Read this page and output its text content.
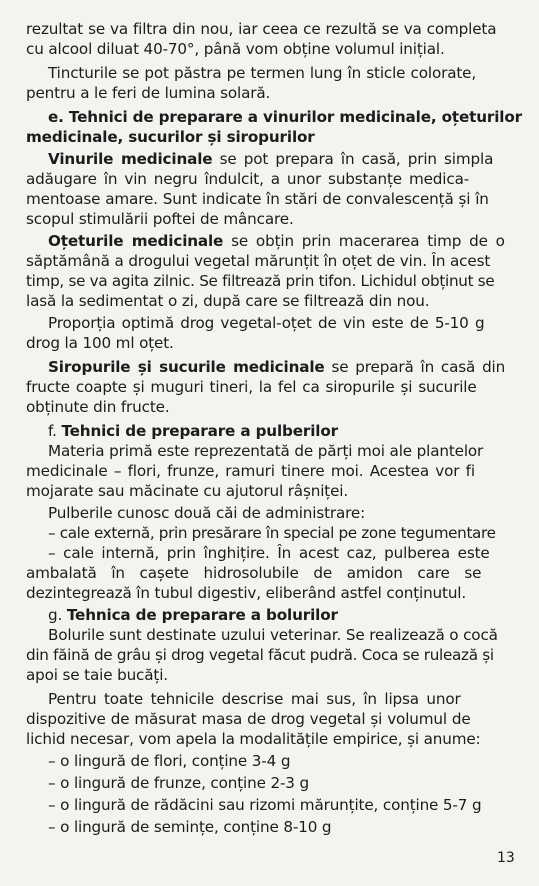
rezultat se va filtra din nou, iar ceea ce rezultă se va completa
cu alcool diluat 40-70°, până vom obține volumul inițial.
Tincturile se pot păstra pe termen lung în sticle colorate,
pentru a le feri de lumina solară.
e. Tehnici de preparare a vinurilor medicinale, oțeturilor
medicinale, sucurilor și siropurilor
Vinurile medicinale se pot prepara în casă, prin simpla
adăugare în vin negru îndulcit, a unor substanțe medica-
mentoase amare. Sunt indicate în stări de convalescență și în
scopul stimulării poftei de mâncare.
Oțeturile medicinale se obțin prin macerarea timp de o
săptămână a drogului vegetal mărunțit în oțet de vin. În acest
timp, se va agita zilnic. Se filtrează prin tifon. Lichidul obținut se
lasă la sedimentat o zi, după care se filtrează din nou.
Proporția optimă drog vegetal-oțet de vin este de 5-10 g
drog la 100 ml oțet.
Siropurile și sucurile medicinale se prepară în casă din
fructe coapte și muguri tineri, la fel ca siropurile și sucurile
obținute din fructe.
f. Tehnici de preparare a pulberilor
Materia primă este reprezentată de părți moi ale plantelor
medicinale – flori, frunze, ramuri tinere moi. Acestea vor fi
mojarate sau măcinate cu ajutorul râșniței.
Pulberile cunosc două căi de administrare:
– cale externă, prin presărare în special pe zone tegumentare
– cale internă, prin înghițire. În acest caz, pulberea este
ambalată în cașete hidrosolubile de amidon care se
dezintegrează în tubul digestiv, eliberând astfel conținutul.
g. Tehnica de preparare a bolurilor
Bolurile sunt destinate uzului veterinar. Se realizează o cocă
din făină de grâu și drog vegetal făcut pudră. Coca se rulează și
apoi se taie bucăți.
Pentru toate tehnicile descrise mai sus, în lipsa unor
dispozitive de măsurat masa de drog vegetal și volumul de
lichid necesar, vom apela la modalitățile empirice, și anume:
– o lingură de flori, conține 3-4 g
– o lingură de frunze, conține 2-3 g
– o lingură de rădăcini sau rizomi mărunțite, conține 5-7 g
– o lingură de semințe, conține 8-10 g
13
